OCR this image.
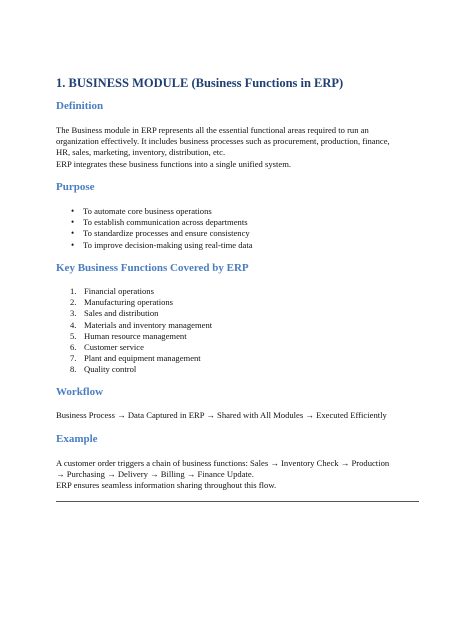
1. BUSINESS MODULE (Business Functions in ERP)
Definition
The Business module in ERP represents all the essential functional areas required to run an
organization effectively. It includes business processes such as procurement, production, finance,
HR, sales, marketing, inventory, distribution, etc.
ERP integrates these business functions into a single unified system.
Purpose
• To automate core business operations
• To establish communication across departments
• To standardize processes and ensure consistency
• To improve decision-making using real-time data
Key Business Functions Covered by ERP
1. Financial operations
2. Manufacturing operations
3. Sales and distribution
4. Materials and inventory management
5. Human resource management
6. Customer service
7. Plant and equipment management
8. Quality control
Workflow
Business Process → Data Captured in ERP → Shared with All Modules → Executed Efficiently
Example
A customer order triggers a chain of business functions: Sales → Inventory Check → Production
→ Purchasing → Delivery → Billing → Finance Update.
ERP ensures seamless information sharing throughout this flow.
